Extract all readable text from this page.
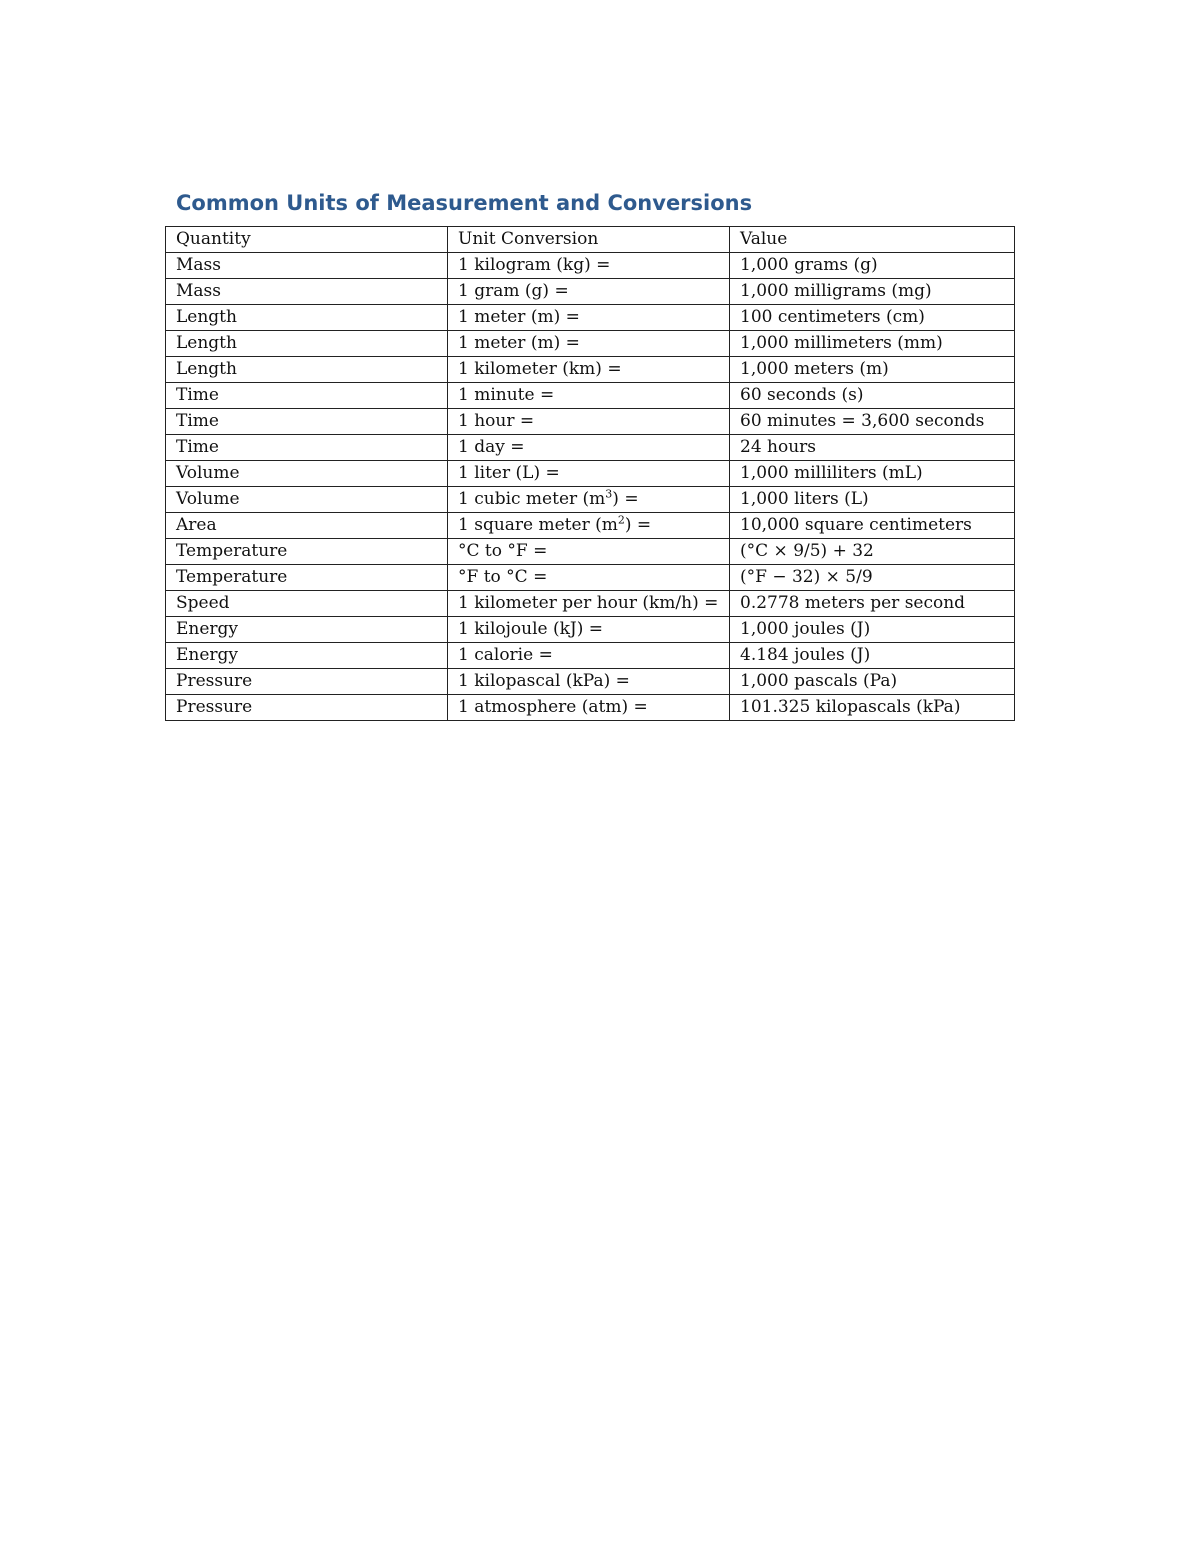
Common Units of Measurement and Conversions
Quantity	Unit Conversion	Value
Mass	1 kilogram (kg) =	1,000 grams (g)
Mass	1 gram (g) =	1,000 milligrams (mg)
Length	1 meter (m) =	100 centimeters (cm)
Length	1 meter (m) =	1,000 millimeters (mm)
Length	1 kilometer (km) =	1,000 meters (m)
Time	1 minute =	60 seconds (s)
Time	1 hour =	60 minutes = 3,600 seconds
Time	1 day =	24 hours
Volume	1 liter (L) =	1,000 milliliters (mL)
Volume	1 cubic meter $(m^3)$ =	1,000 liters (L)
Area	1 square meter $(m^2)$ =	10,000 square centimeters
Temperature	°C to °F =	(°C × 9/5) + 32
Temperature	°F to °C =	(°F − 32) × 5/9
Speed	1 kilometer per hour (km/h) =	0.2778 meters per second
Energy	1 kilojoule (kJ) =	1,000 joules (J)
Energy	1 calorie =	4.184 joules (J)
Pressure	1 kilopascal (kPa) =	1,000 pascals (Pa)
Pressure	1 atmosphere (atm) =	101.325 kilopascals (kPa)
